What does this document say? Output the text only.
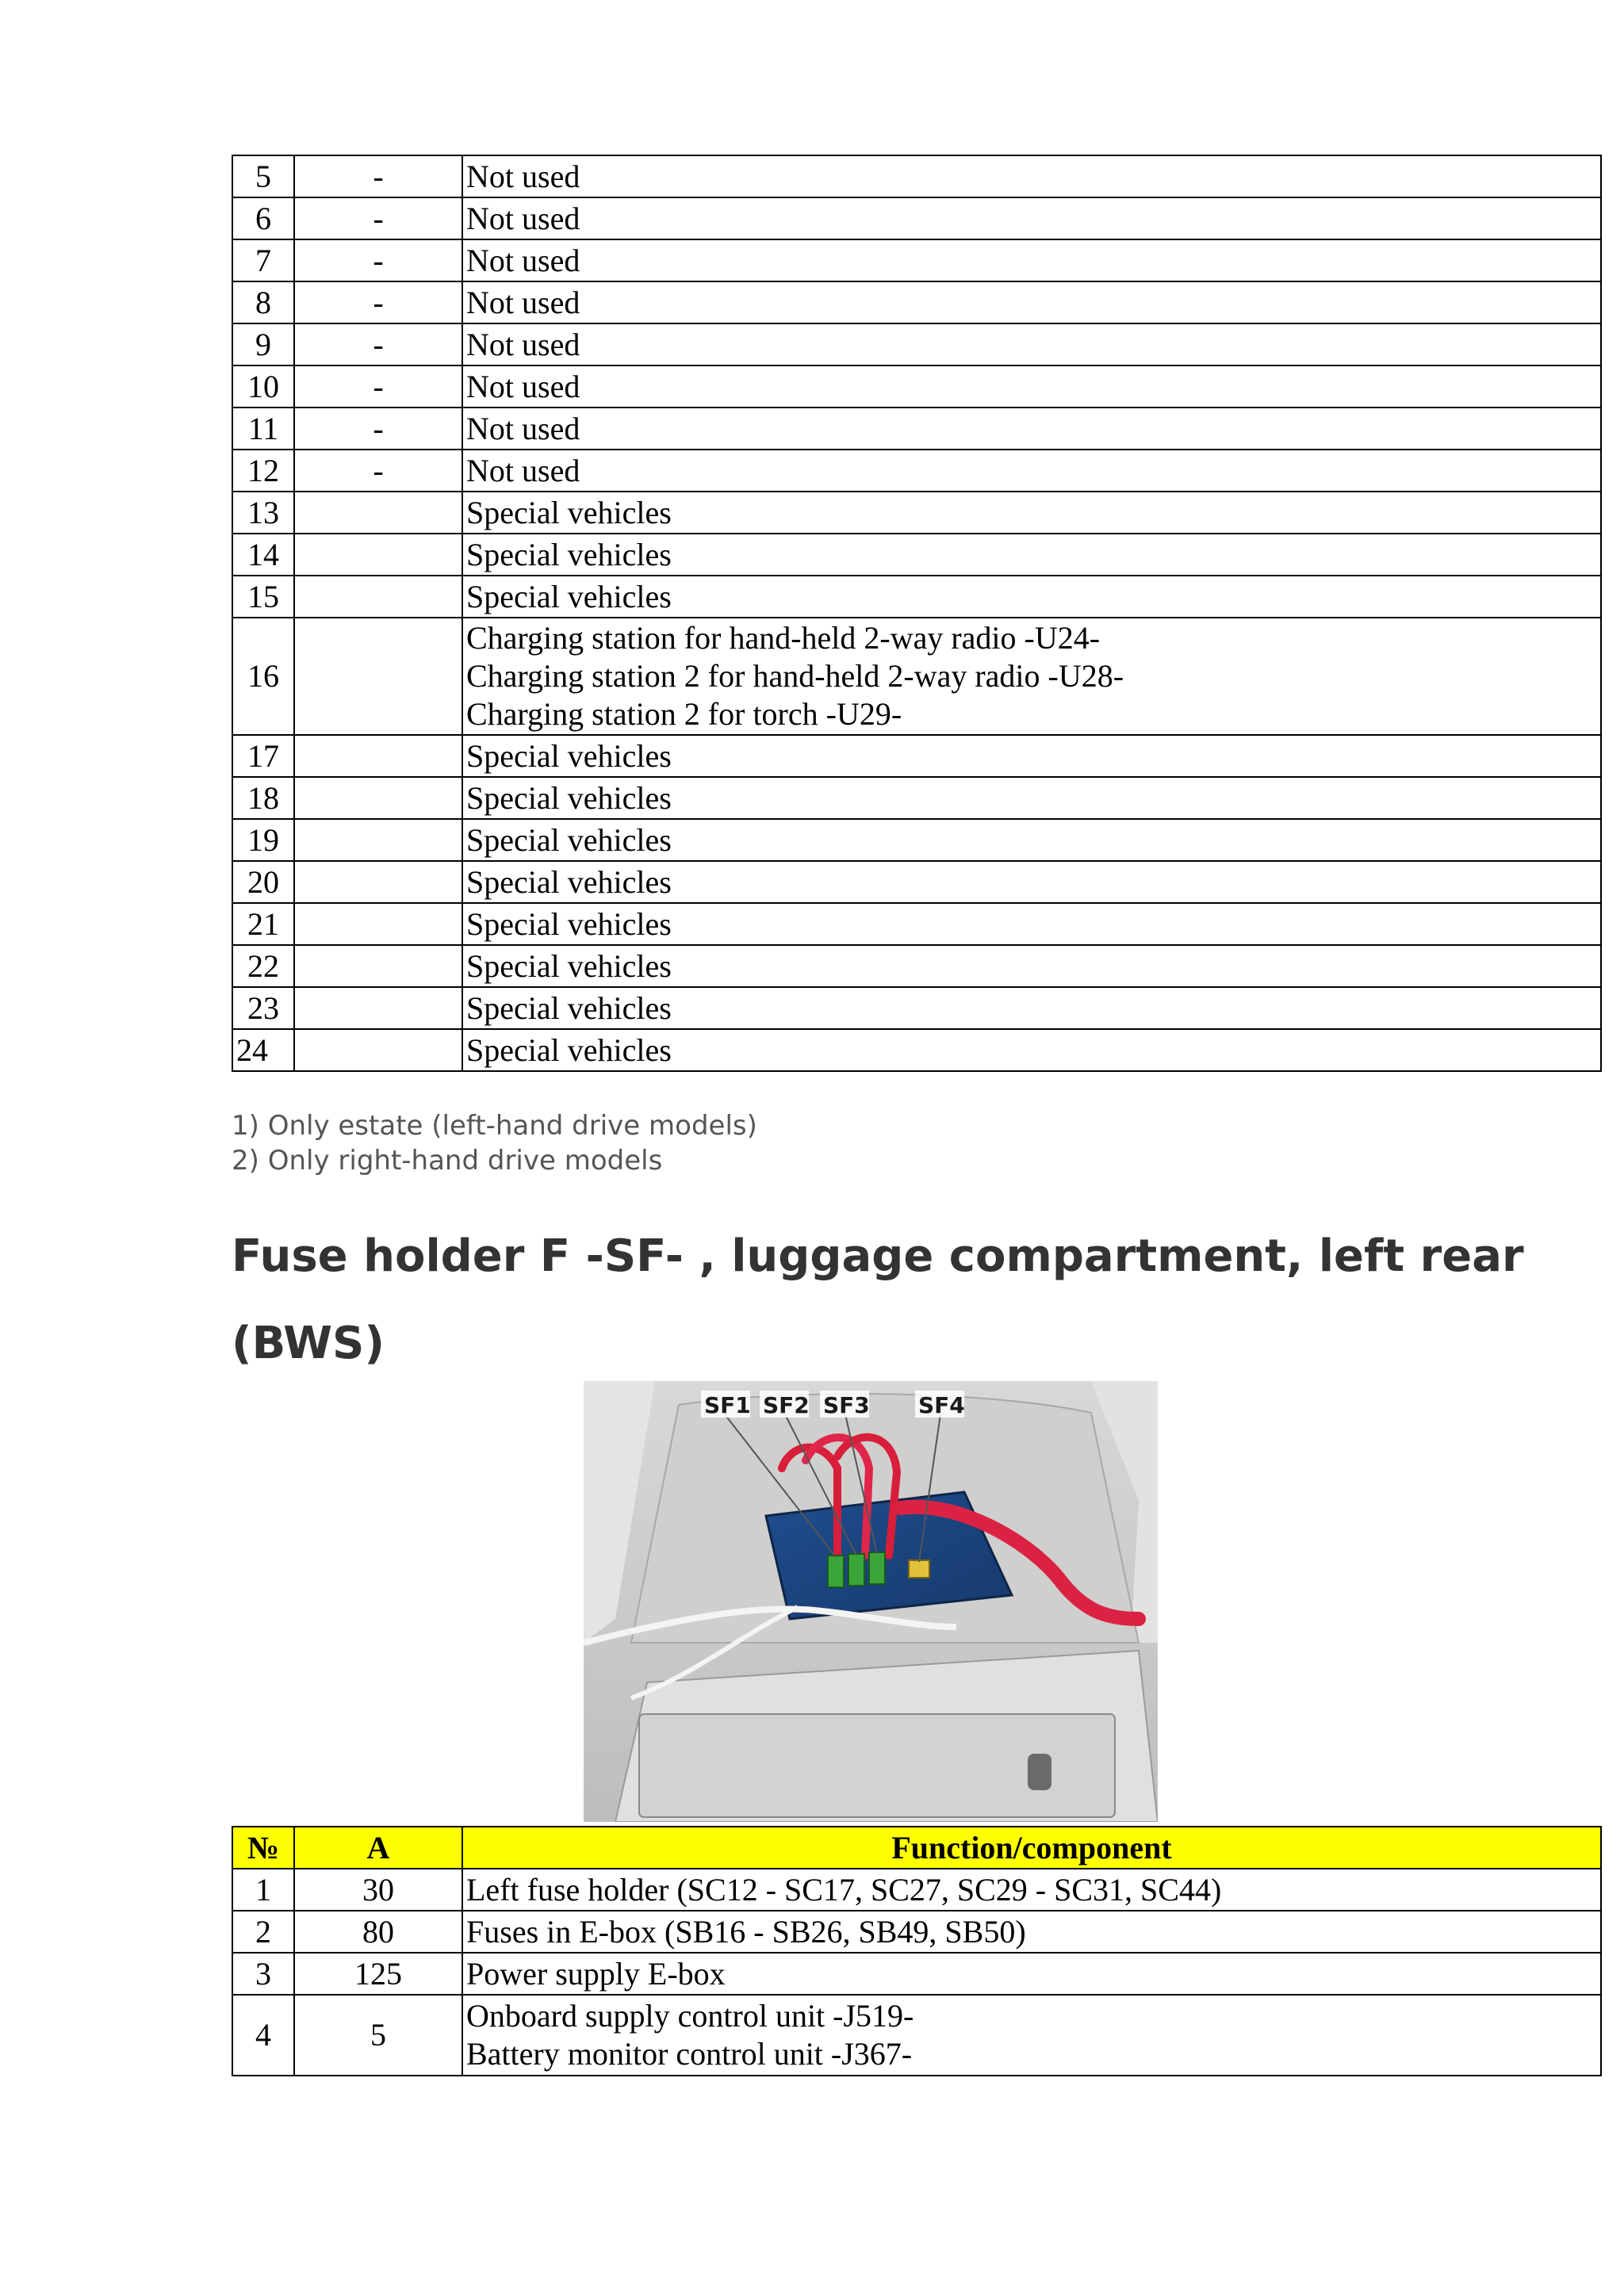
5	-	Not used
6	-	Not used
7	-	Not used
8	-	Not used
9	-	Not used
10	-	Not used
11	-	Not used
12	-	Not used
13		Special vehicles
14		Special vehicles
15		Special vehicles
16		Charging station for hand-held 2-way radio -U24-
Charging station 2 for hand-held 2-way radio -U28-
Charging station 2 for torch -U29-

17		Special vehicles
18		Special vehicles
19		Special vehicles
20		Special vehicles
21		Special vehicles
22		Special vehicles
23		Special vehicles
24		Special vehicles
1) Only estate (left-hand drive models)
2) Only right-hand drive models
Fuse holder F -SF- , luggage compartment, left rear
(BWS)
SF1 SF2 SF3 SF4
№	A	Function/component
1	30	Left fuse holder (SC12 - SC17, SC27, SC29 - SC31, SC44)
2	80	Fuses in E-box (SB16 - SB26, SB49, SB50)
3	125	Power supply E-box
4	5	Onboard supply control unit -J519-
Battery monitor control unit -J367-
